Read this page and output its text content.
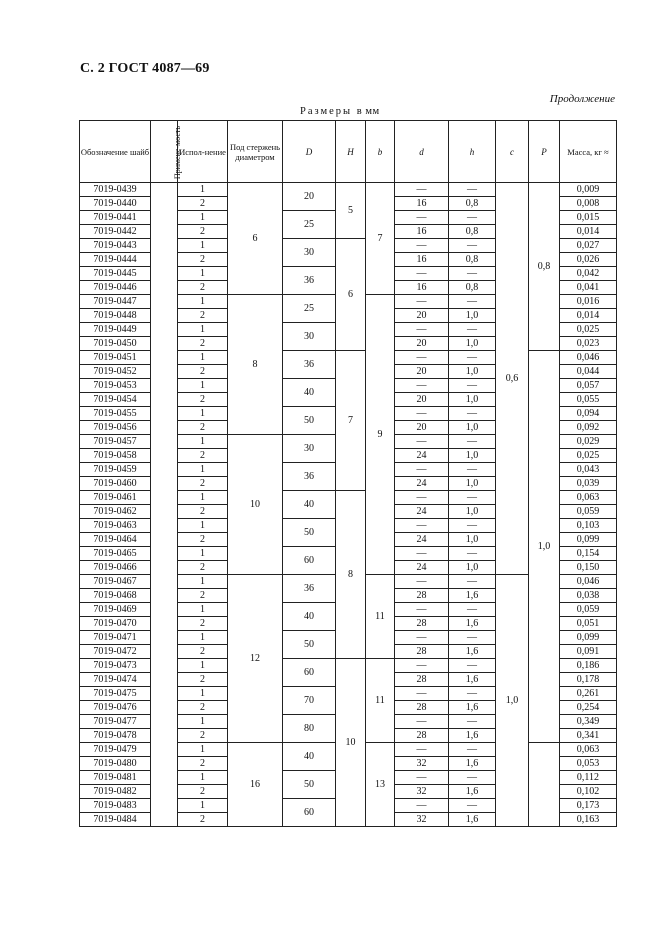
С. 2 ГОСТ 4087—69
Продолжение
Размеры в мм
Обозначение шайб	Примене-мость	Испол-нение	Под стержень диаметром	D	H	b	d	h	c	P	Масса, кг ≈
7019-0439		1	6	20	5	7	—	—	0,6	0,8	0,009
7019-0440		2					16	0,8			0,008
7019-0441		1		25			—	—			0,015
7019-0442		2					16	0,8			0,014
7019-0443		1		30	6		—	—			0,027
7019-0444		2					16	0,8			0,026
7019-0445		1		36			—	—			0,042
7019-0446		2					16	0,8			0,041
7019-0447		1	8	25		9	—	—			0,016
7019-0448		2					20	1,0			0,014
7019-0449		1		30			—	—			0,025
7019-0450		2					20	1,0			0,023
7019-0451		1		36	7		—	—		1,0	0,046
7019-0452		2					20	1,0			0,044
7019-0453		1		40			—	—			0,057
7019-0454		2					20	1,0			0,055
7019-0455		1		50			—	—			0,094
7019-0456		2					20	1,0			0,092
7019-0457		1	10	30			—	—			0,029
7019-0458		2					24	1,0			0,025
7019-0459		1		36			—	—			0,043
7019-0460		2					24	1,0			0,039
7019-0461		1		40	8		—	—			0,063
7019-0462		2					24	1,0			0,059
7019-0463		1		50			—	—			0,103
7019-0464		2					24	1,0			0,099
7019-0465		1		60			—	—			0,154
7019-0466		2					24	1,0			0,150
7019-0467		1	12	36		11	—	—	1,0		0,046
7019-0468		2					28	1,6			0,038
7019-0469		1		40			—	—			0,059
7019-0470		2					28	1,6			0,051
7019-0471		1		50			—	—			0,099
7019-0472		2					28	1,6			0,091
7019-0473		1		60	10	11	—	—			0,186
7019-0474		2					28	1,6			0,178
7019-0475		1		70			—	—			0,261
7019-0476		2					28	1,6			0,254
7019-0477		1		80			—	—			0,349
7019-0478		2					28	1,6			0,341
7019-0479		1	16	40		13	—	—			0,063
7019-0480		2					32	1,6			0,053
7019-0481		1		50			—	—			0,112
7019-0482		2					32	1,6			0,102
7019-0483		1		60			—	—			0,173
7019-0484		2					32	1,6			0,163
